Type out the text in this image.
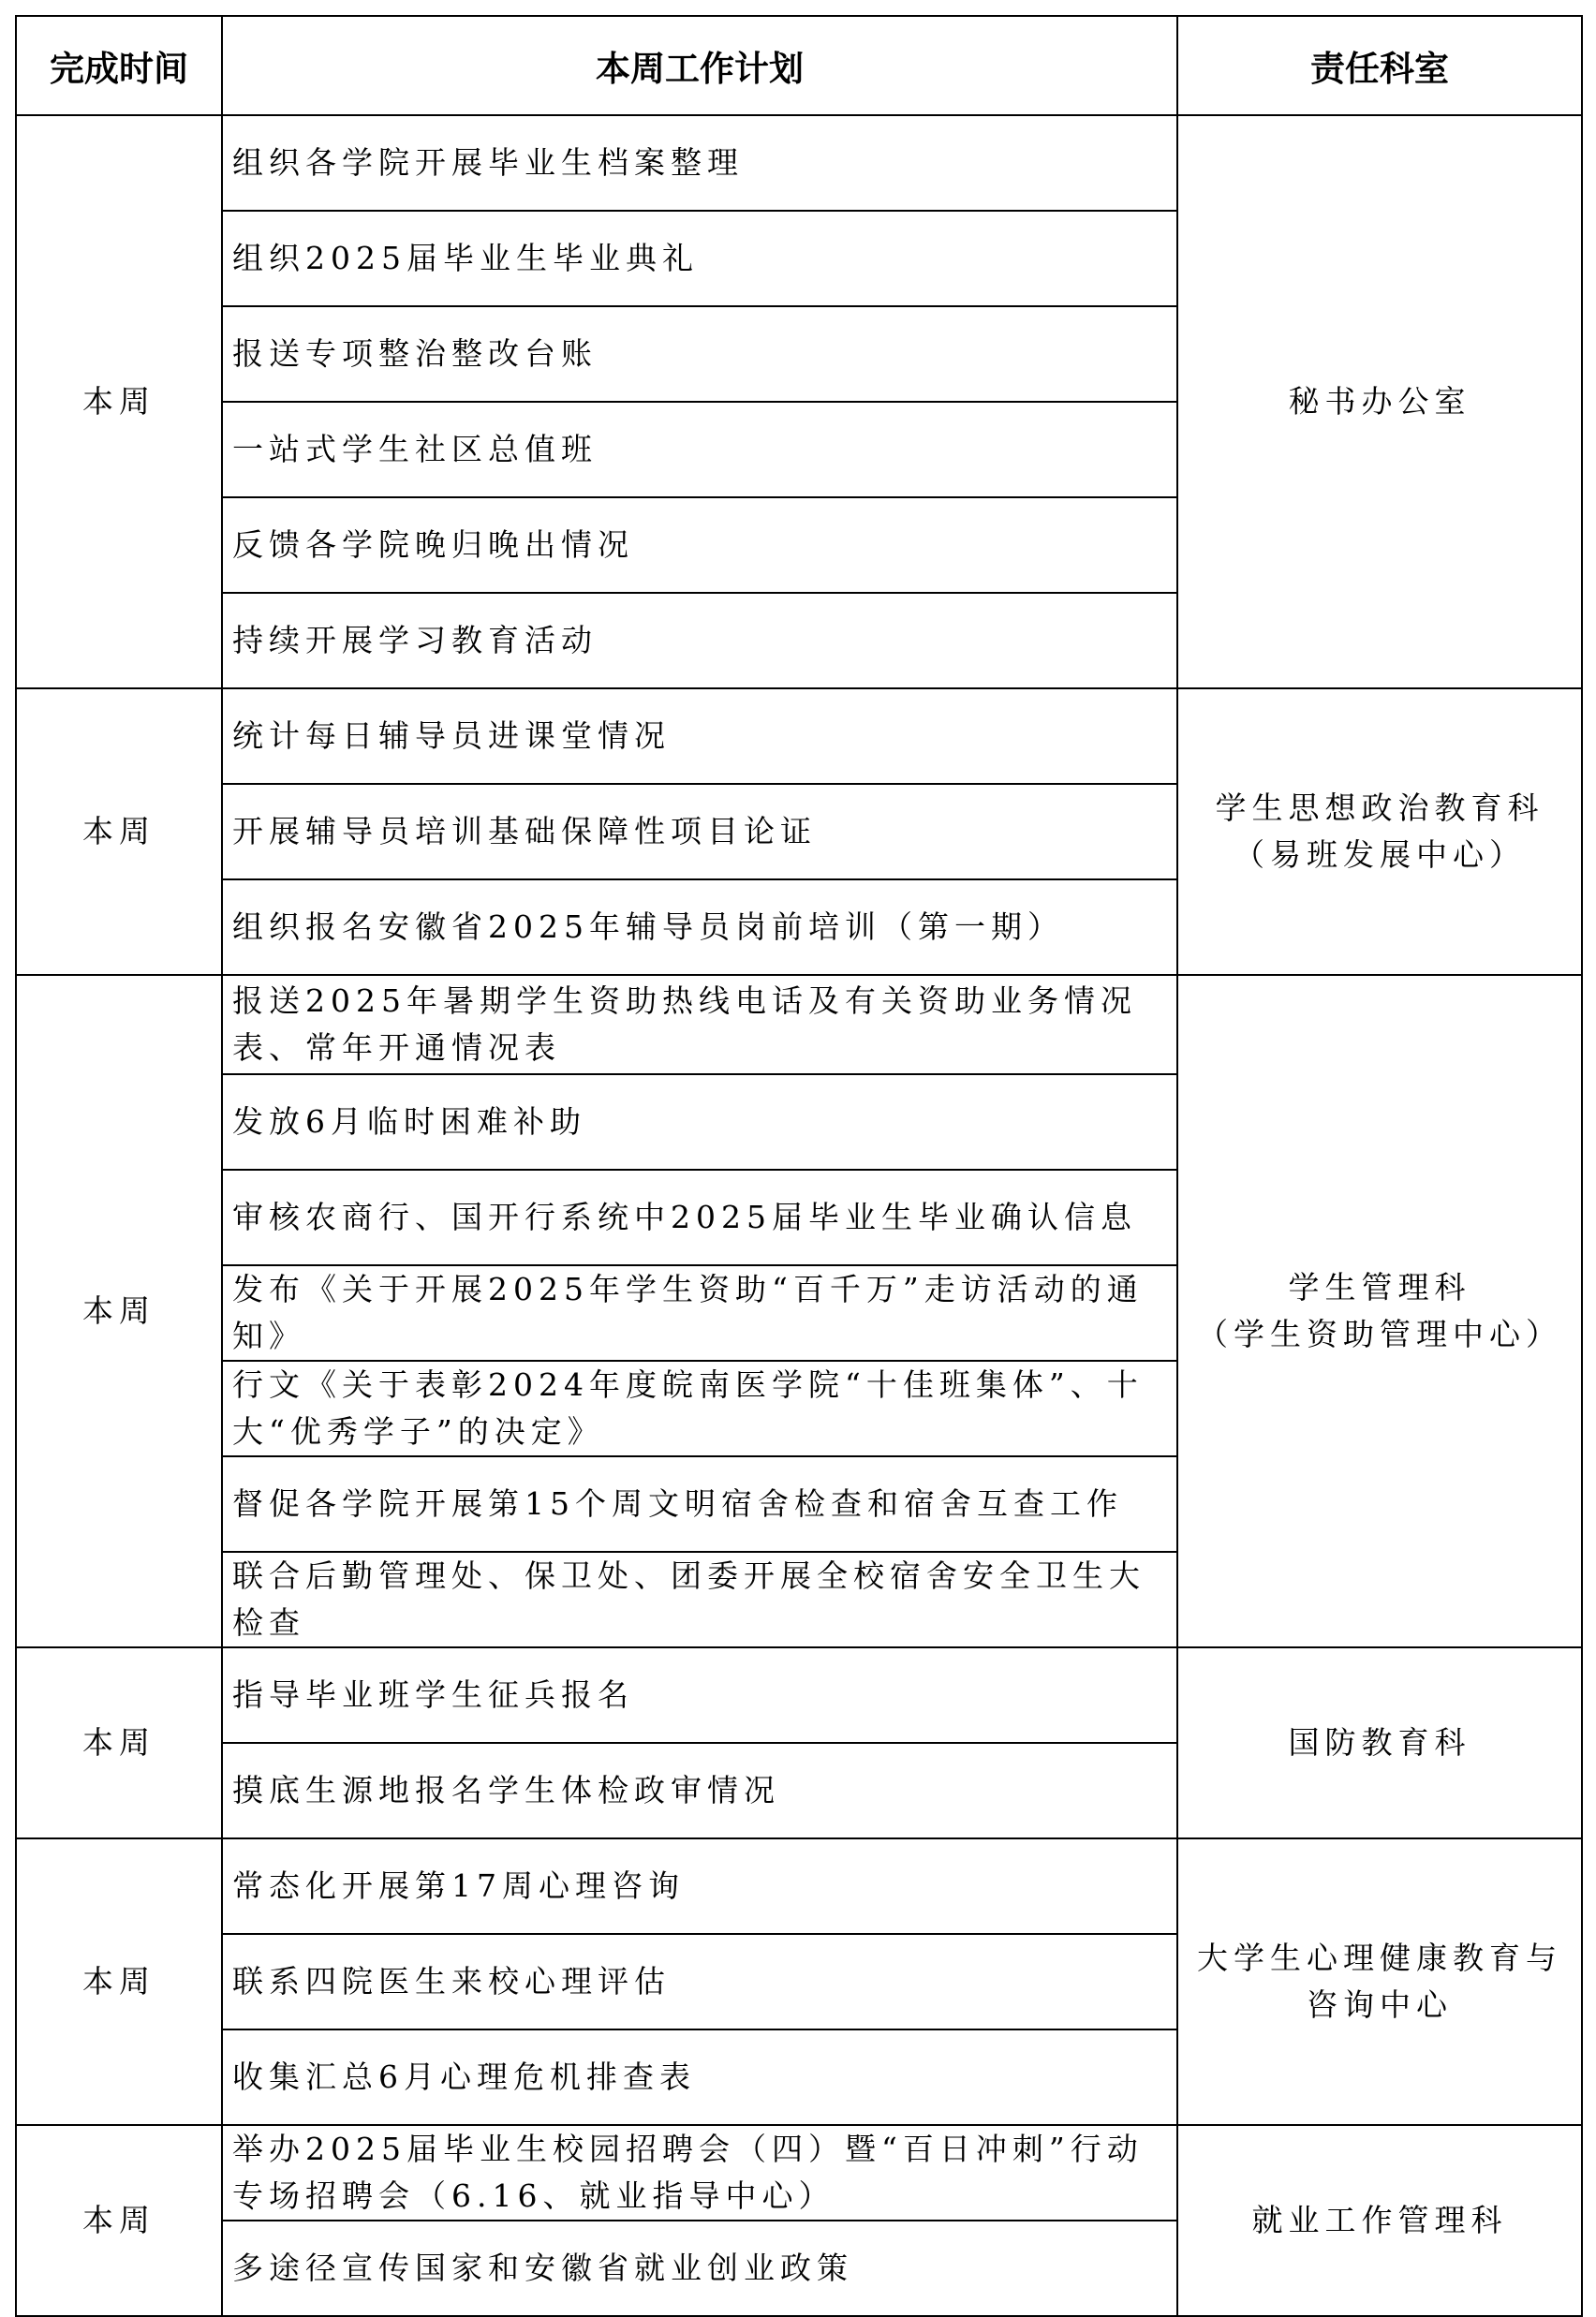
完成时间	本周工作计划	责任科室
本周	组织各学院开展毕业生档案整理	秘书办公室

	组织2025届毕业生毕业典礼	
	报送专项整治整改台账	
	一站式学生社区总值班	
	反馈各学院晚归晚出情况	
	持续开展学习教育活动	
本周	统计每日辅导员进课堂情况	学生思想政治教育科
（易班发展中心）

	开展辅导员培训基础保障性项目论证	
	组织报名安徽省2025年辅导员岗前培训（第一期）	
本周	报送2025年暑期学生资助热线电话及有关资助业务情况表、常年开通情况表	学生管理科
（学生资助管理中心）

	发放6月临时困难补助	
	审核农商行、国开行系统中2025届毕业生毕业确认信息	
	发布《关于开展2025年学生资助“百千万”走访活动的通知》	
	行文《关于表彰2024年度皖南医学院“十佳班集体”、十大“优秀学子”的决定》	
	督促各学院开展第15个周文明宿舍检查和宿舍互查工作	
	联合后勤管理处、保卫处、团委开展全校宿舍安全卫生大检查	
本周	指导毕业班学生征兵报名	国防教育科

	摸底生源地报名学生体检政审情况	
本周	常态化开展第17周心理咨询	大学生心理健康教育与
咨询中心

	联系四院医生来校心理评估	
	收集汇总6月心理危机排查表	
本周	举办2025届毕业生校园招聘会（四）暨“百日冲刺”行动专场招聘会（6.16、就业指导中心）	就业工作管理科

	多途径宣传国家和安徽省就业创业政策	
